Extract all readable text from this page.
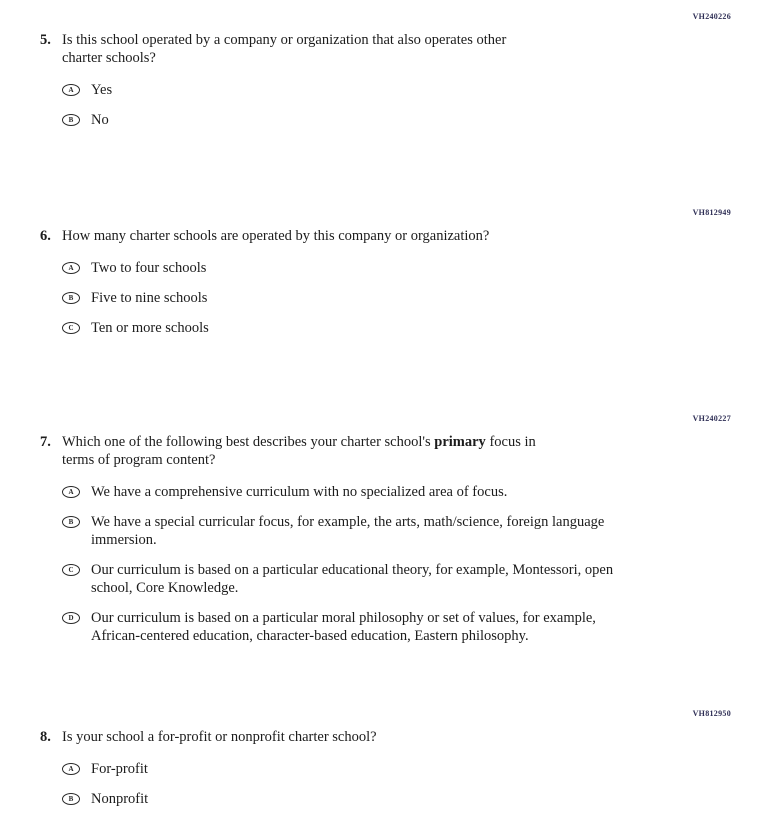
VH240226
5. Is this school operated by a company or organization that also operates other
charter schools?
A Yes
B No
VH812949
6. How many charter schools are operated by this company or organization?
A Two to four schools
B Five to nine schools
C Ten or more schools
VH240227
7. Which one of the following best describes your charter school's primary focus in
terms of program content?
A We have a comprehensive curriculum with no specialized area of focus.
B We have a special curricular focus, for example, the arts, math/science, foreign language
immersion.
C Our curriculum is based on a particular educational theory, for example, Montessori, open
school, Core Knowledge.
D Our curriculum is based on a particular moral philosophy or set of values, for example,
African-centered education, character-based education, Eastern philosophy.
VH812950
8. Is your school a for-profit or nonprofit charter school?
A For-profit
B Nonprofit
